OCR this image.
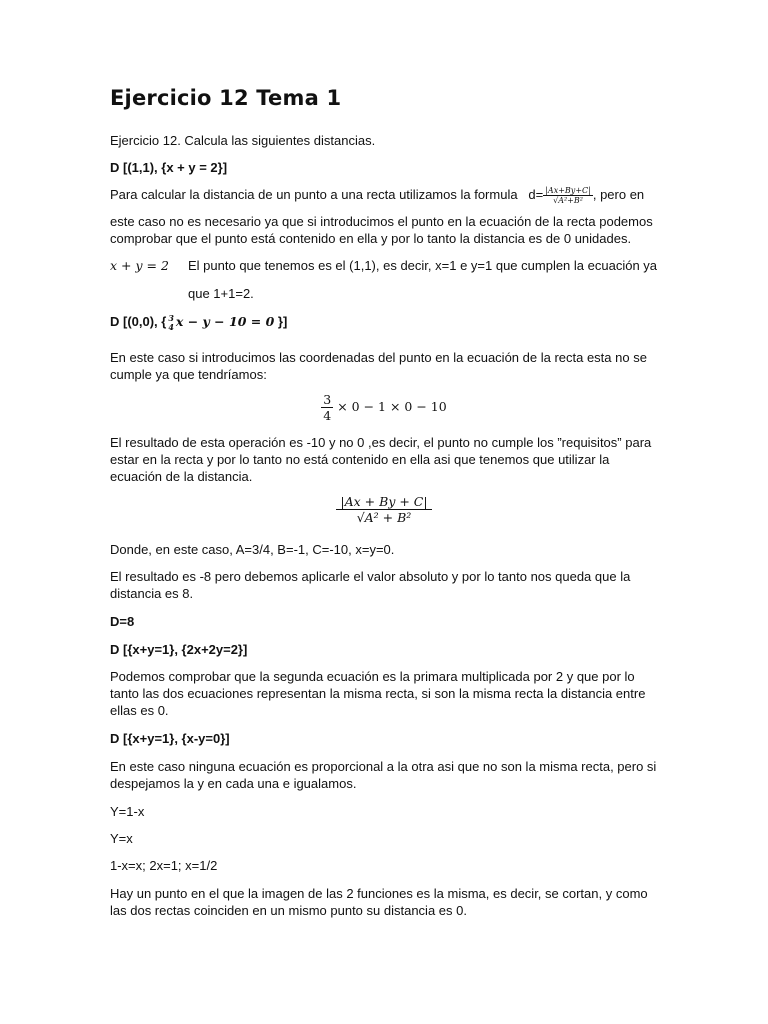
Ejercicio 12 Tema 1

Ejercicio 12. Calcula las siguientes distancias.

D [(1,1), {x + y = 2}]

Para calcular la distancia de un punto a una recta utilizamos la formula $d= \frac{|Ax+By+C|}{\text{√A²+B²}}$ , pero en

este caso no es necesario ya que si introducimos el punto en la ecuación de la recta podemos comprobar que el punto está contenido en ella y por lo tanto la distancia es de 0 unidades.

x + y = 2	El punto que tenemos es el (1,1), es decir, x=1 e y=1 que cumplen la ecuación ya

que 1+1=2.

D [(0,0), { 3
4 x − y − 10 = 0 }]

En este caso si introducimos las coordenadas del punto en la ecuación de la recta esta no se cumple ya que tendríamos:

$\frac{3}{4} \times 0 - 1 \times 0 - 10$

El resultado de esta operación es -10 y no 0 ,es decir, el punto no cumple los ”requisitos” para estar en la recta y por lo tanto no está contenido en ella asi que tenemos que utilizar la ecuación de la distancia.

$\frac{|Ax + By + C|}{\text{√A² + B²}}$

Donde, en este caso, A=3/4, B=-1, C=-10, x=y=0.

El resultado es -8 pero debemos aplicarle el valor absoluto y por lo tanto nos queda que la distancia es 8.

D=8

D [{x+y=1}, {2x+2y=2}]

Podemos comprobar que la segunda ecuación es la primara multiplicada por 2 y que por lo tanto las dos ecuaciones representan la misma recta, si son la misma recta la distancia entre ellas es 0.

D [{x+y=1}, {x-y=0}]

En este caso ninguna ecuación es proporcional a la otra asi que no son la misma recta, pero si despejamos la y en cada una e igualamos.

Y=1-x

Y=x

1-x=x; 2x=1; x=1/2

Hay un punto en el que la imagen de las 2 funciones es la misma, es decir, se cortan, y como las dos rectas coinciden en un mismo punto su distancia es 0.
